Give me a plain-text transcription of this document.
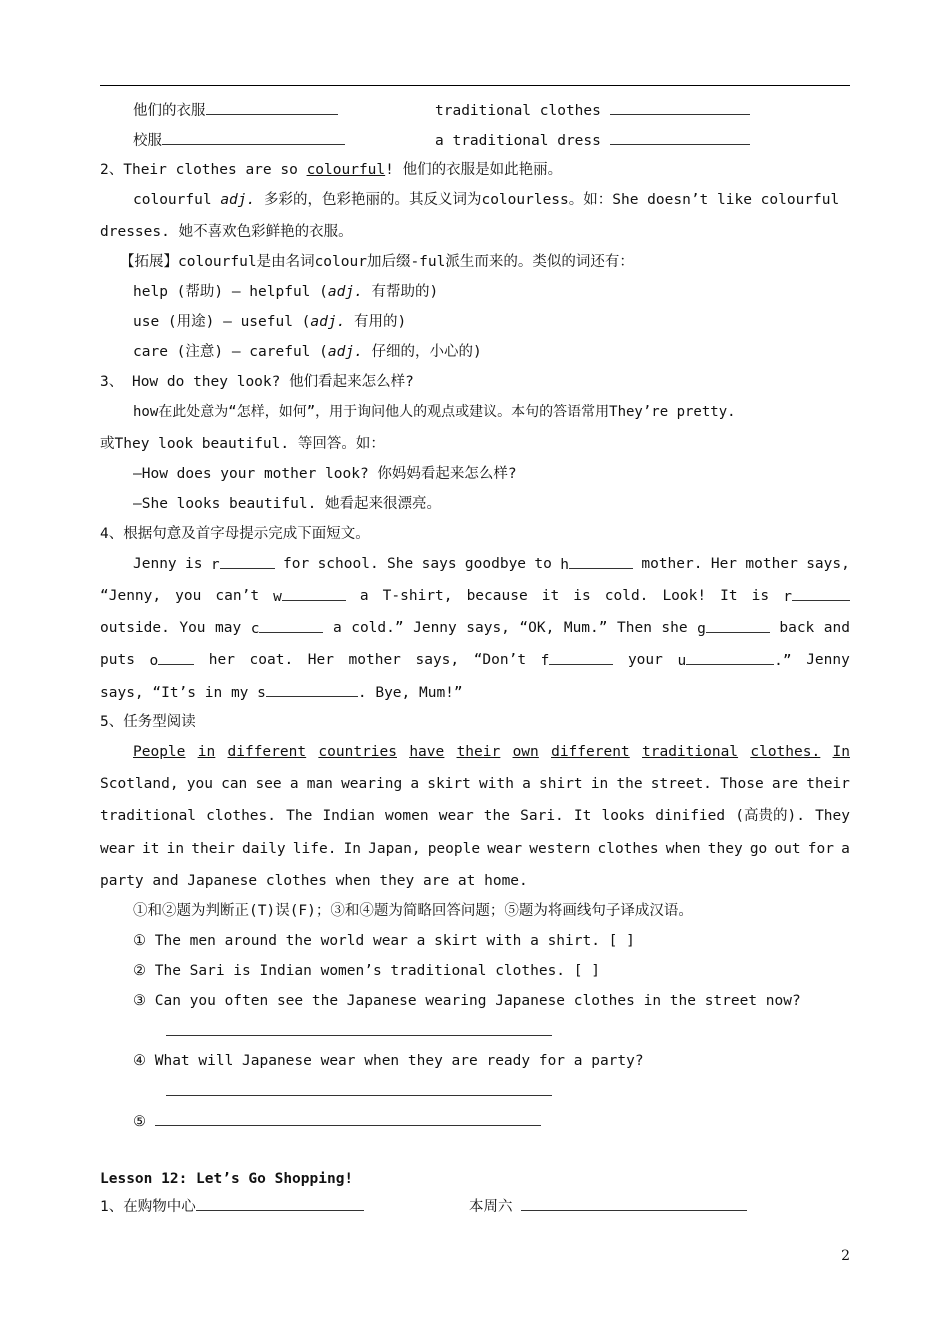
他们的衣服	traditional clothes
校服	a traditional dress
2、Their clothes are so colourful! 他们的衣服是如此艳丽。
colourful adj. 多彩的，色彩艳丽的。其反义词为colourless。如：She doesn’t like colourful
dresses. 她不喜欢色彩鲜艳的衣服。
【拓展】colourful是由名词colour加后缀-ful派生而来的。类似的词还有：
help (帮助) — helpful (adj. 有帮助的)
use (用途) — useful (adj. 有用的)
care (注意) — careful (adj. 仔细的，小心的)
3、 How do they look? 他们看起来怎么样?
how在此处意为“怎样，如何”，用于询问他人的观点或建议。本句的答语常用They’re pretty.
或They look beautiful. 等回答。如：
—How does your mother look? 你妈妈看起来怎么样?
—She looks beautiful. 她看起来很漂亮。
4、根据句意及首字母提示完成下面短文。
Jenny is r	for school. She says goodbye to h	mother. Her mother says,
“Jenny, you can’t w	a T-shirt, because it is cold. Look! It is r
outside. You may c	a cold.” Jenny says, “OK, Mum.” Then she g	back and
puts o	her coat. Her mother says, “Don’t f	your u	.” Jenny
says, “It’s in my s	. Bye, Mum!”
5、任务型阅读
People in different countries have their own different traditional clothes. In
Scotland, you can see a man wearing a skirt with a shirt in the street. Those are their
traditional clothes. The Indian women wear the Sari. It looks dinified (高贵的). They
wear it in their daily life. In Japan, people wear western clothes when they go out for a
party and Japanese clothes when they are at home.
①和②题为判断正(T)误(F)；③和④题为简略回答问题；⑤题为将画线句子译成汉语。
① The men around the world wear a skirt with a shirt. [ ]
② The Sari is Indian women’s traditional clothes. [ ]
③ Can you often see the Japanese wearing Japanese clothes in the street now?
④ What will Japanese wear when they are ready for a party?
⑤
Lesson 12: Let’s Go Shopping!
1、在购物中心	本周六
2
